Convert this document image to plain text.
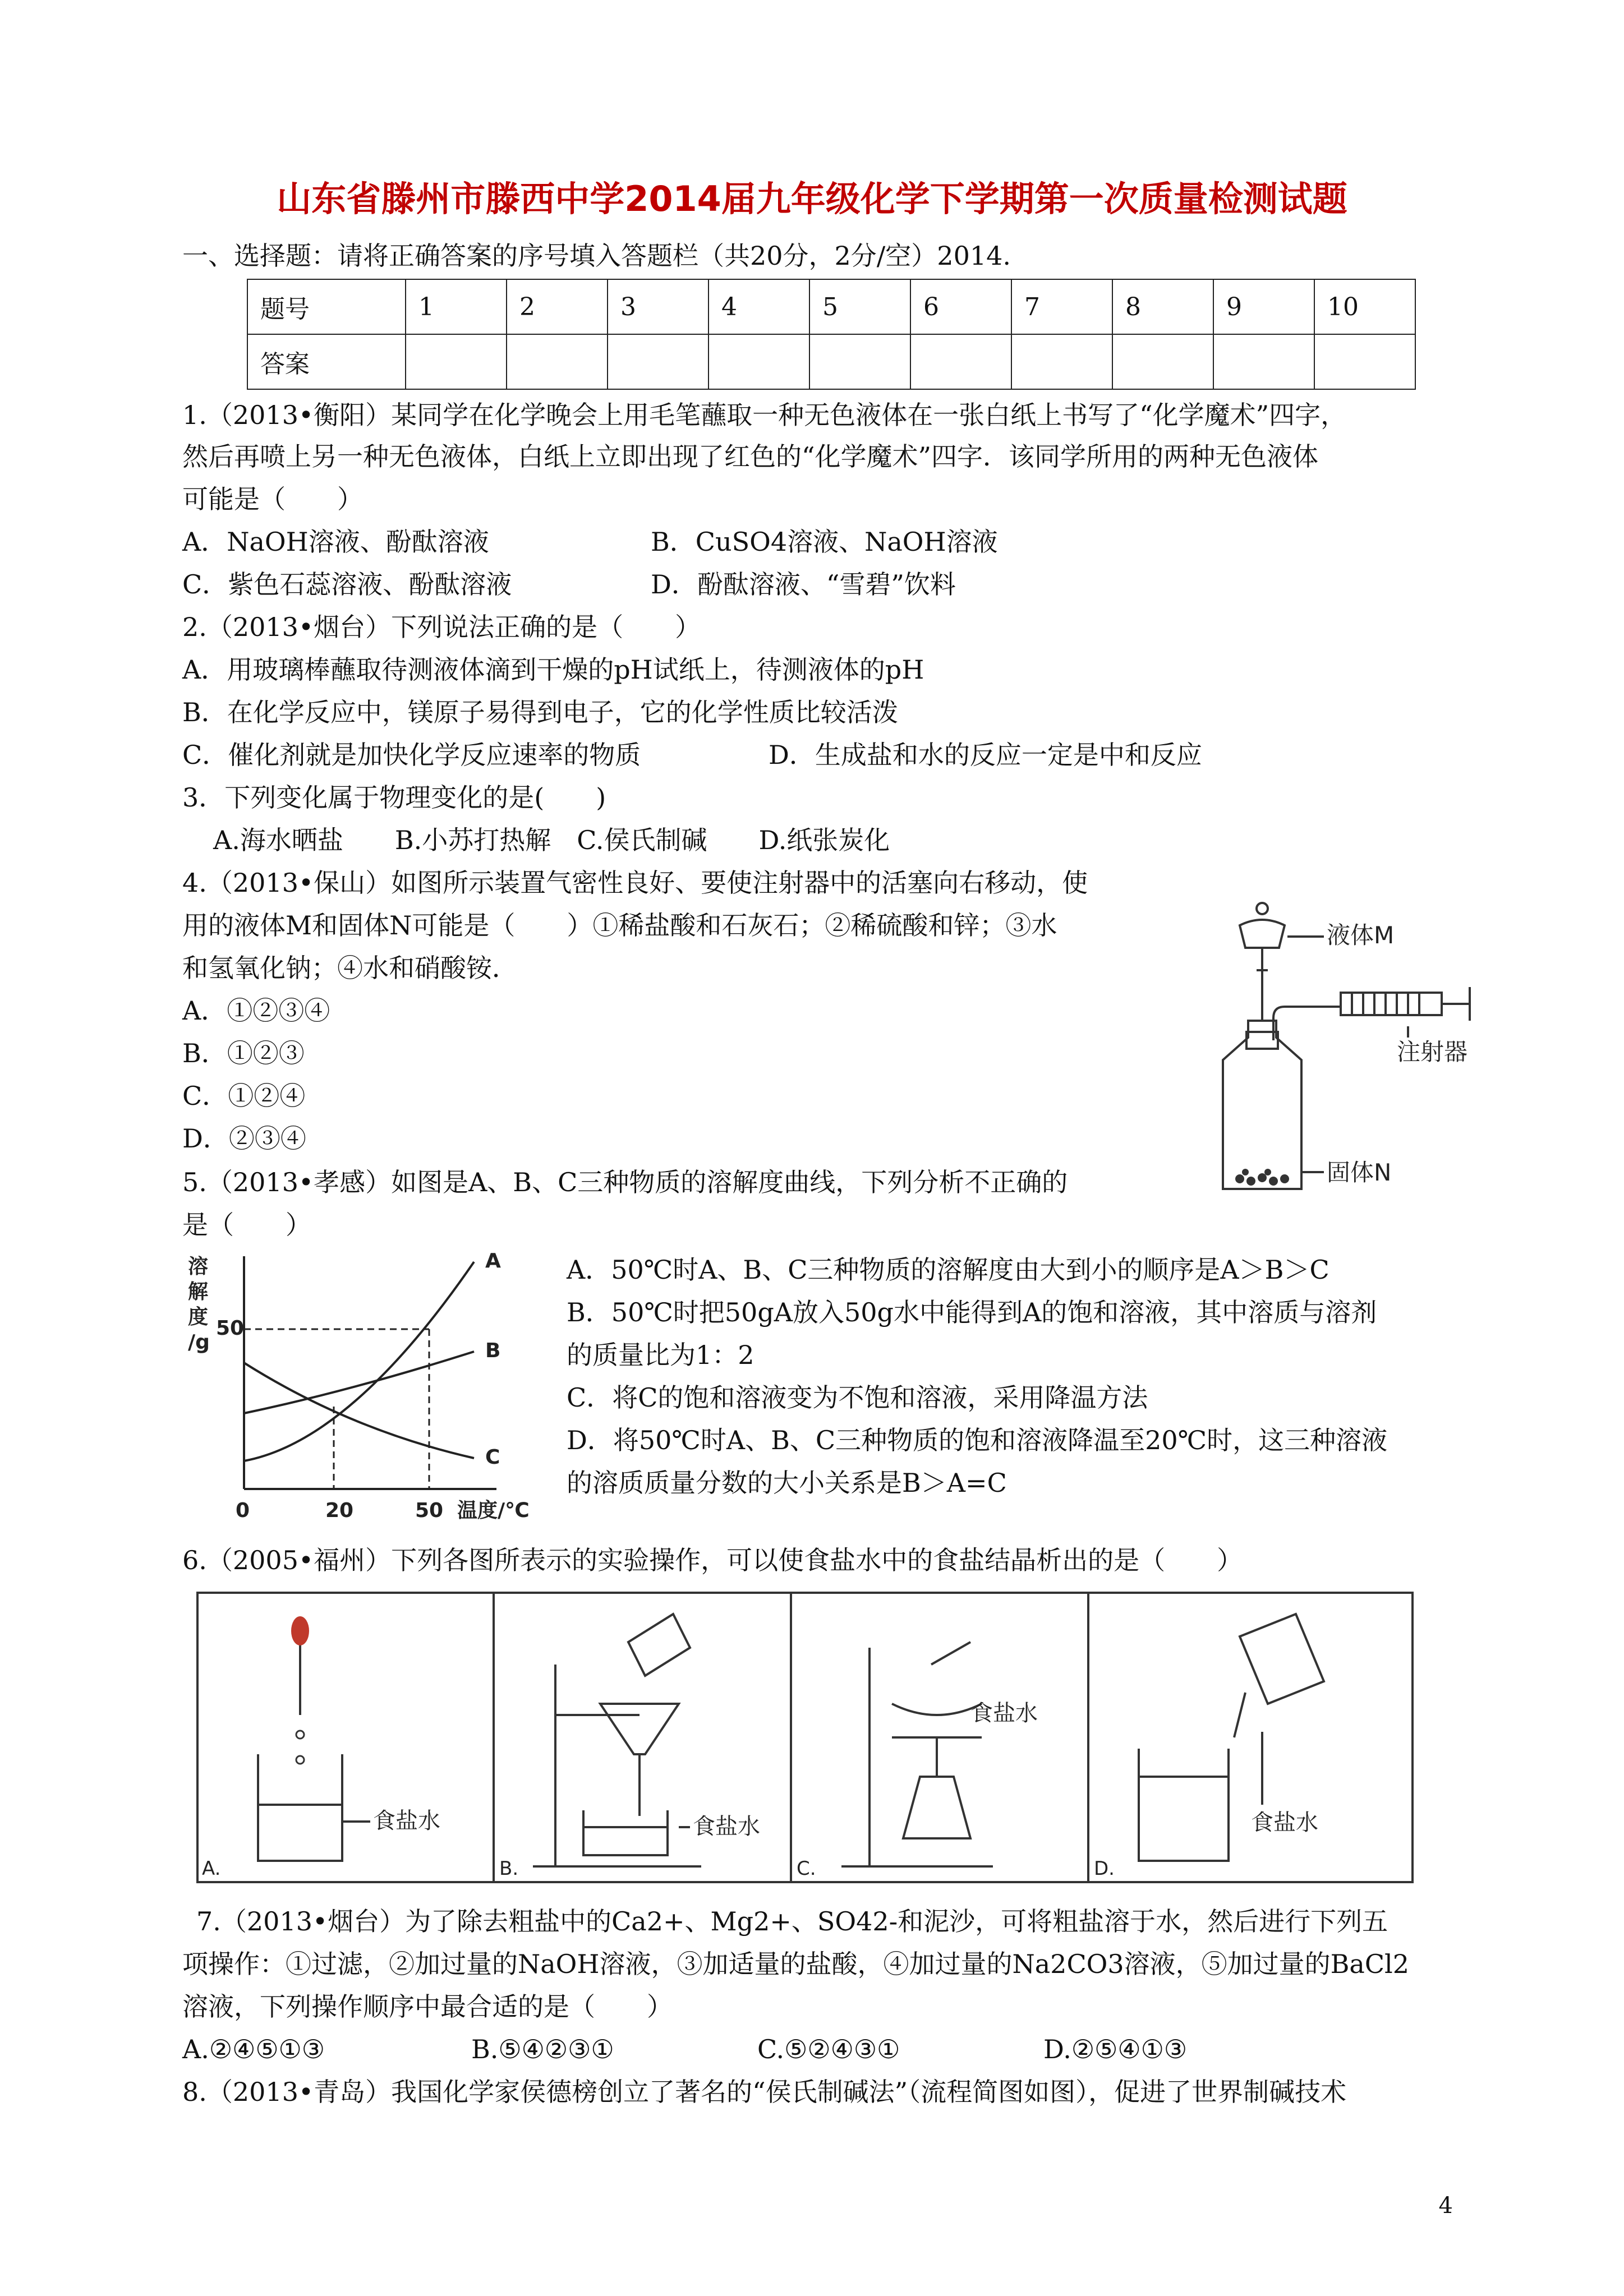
山东省滕州市滕西中学2014届九年级化学下学期第一次质量检测试题
一、选择题：请将正确答案的序号填入答题栏（共20分，2分/空）2014.
题号	1	2	3	4	5	6	7	8	9	10
答案										
1.（2013•衡阳）某同学在化学晚会上用毛笔蘸取一种无色液体在一张白纸上书写了“化学魔术”四字，
然后再喷上另一种无色液体，白纸上立即出现了红色的“化学魔术”四字．该同学所用的两种无色液体
可能是（　　）
A．NaOH溶液、酚酞溶液	B．CuSO4溶液、NaOH溶液
C．紫色石蕊溶液、酚酞溶液	D．酚酞溶液、“雪碧”饮料
2.（2013•烟台）下列说法正确的是（　　）
A．用玻璃棒蘸取待测液体滴到干燥的pH试纸上，待测液体的pH
B．在化学反应中，镁原子易得到电子，它的化学性质比较活泼
C．催化剂就是加快化学反应速率的物质	D．生成盐和水的反应一定是中和反应
3．下列变化属于物理变化的是(　　)
A.海水晒盐　　B.小苏打热解　C.侯氏制碱　　D.纸张炭化
4.（2013•保山）如图所示装置气密性良好、要使注射器中的活塞向右移动，使
用的液体M和固体N可能是（　　）①稀盐酸和石灰石；②稀硫酸和锌；③水
和氢氧化钠；④水和硝酸铵．
A．①②③④
B．①②③
C．①②④
D．②③④
液体M
注射器
固体N
5.（2013•孝感）如图是A、B、C三种物质的溶解度曲线，下列分析不正确的
是（　　）
A．50℃时A、B、C三种物质的溶解度由大到小的顺序是A＞B＞C
B．50℃时把50gA放入50g水中能得到A的饱和溶液，其中溶质与溶剂
的质量比为1：2
C．将C的饱和溶液变为不饱和溶液，采用降温方法
D．将50℃时A、B、C三种物质的饱和溶液降温至20℃时，这三种溶液
的溶质质量分数的大小关系是B＞A=C
溶
解
度
/g
50
0	20	50 温度/℃
A
B
C
6.（2005•福州）下列各图所表示的实验操作，可以使食盐水中的食盐结晶析出的是（　　）
食盐水
A.
食盐水
B.
食盐水
C.
食盐水
D.
7.（2013•烟台）为了除去粗盐中的Ca2+、Mg2+、SO42-和泥沙，可将粗盐溶于水，然后进行下列五
项操作：①过滤，②加过量的NaOH溶液，③加适量的盐酸，④加过量的Na2CO3溶液，⑤加过量的BaCl2
溶液，下列操作顺序中最合适的是（　　）
A.②④⑤①③	B.⑤④②③①	C.⑤②④③①	D.②⑤④①③
8.（2013•青岛）我国化学家侯德榜创立了著名的“侯氏制碱法”（流程简图如图），促进了世界制碱技术
4
